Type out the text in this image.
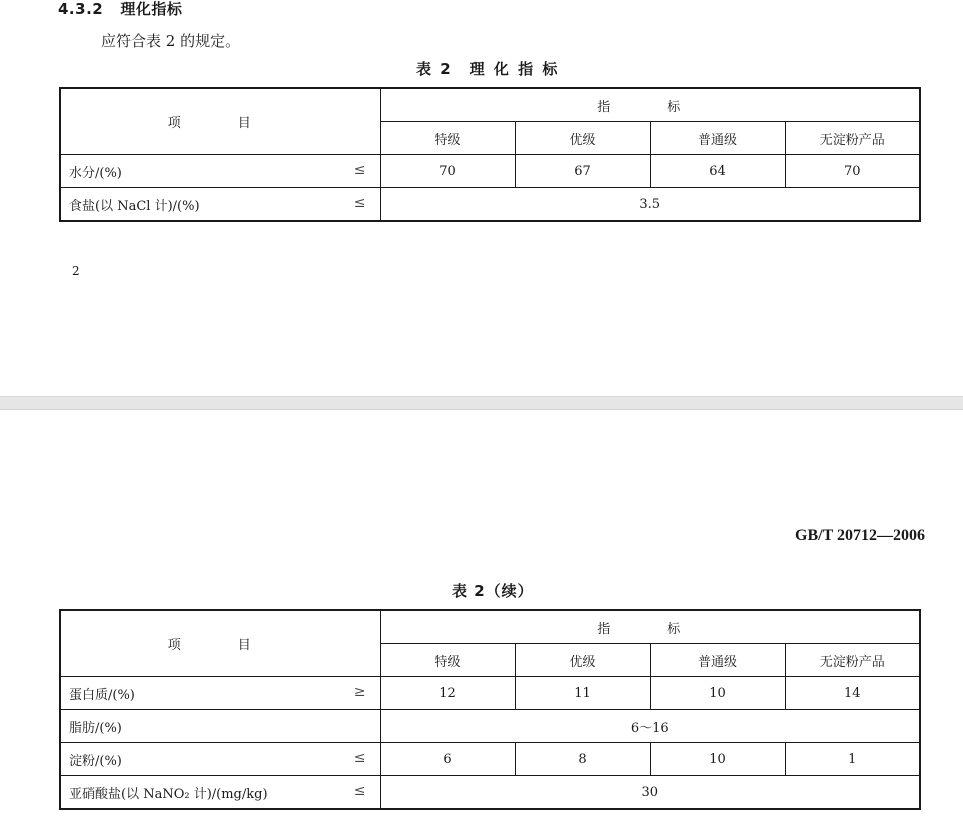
4.3.2 理化指标
应符合表 2 的规定。
表 2　理 化 指 标
项　目	指　标			
	特级	优级	普通级	无淀粉产品
水分/(%) ≤	70	67	64	70
食盐(以 NaCl 计)/(%) ≤	3.5			
2
GB/T 20712—2006
表 2（续）
项　目	指　标			
	特级	优级	普通级	无淀粉产品
蛋白质/(%) ≥	12	11	10	14
脂肪/(%)	6～16			
淀粉/(%) ≤	6	8	10	1
亚硝酸盐(以 NaNO₂ 计)/(mg/kg) ≤	30			
